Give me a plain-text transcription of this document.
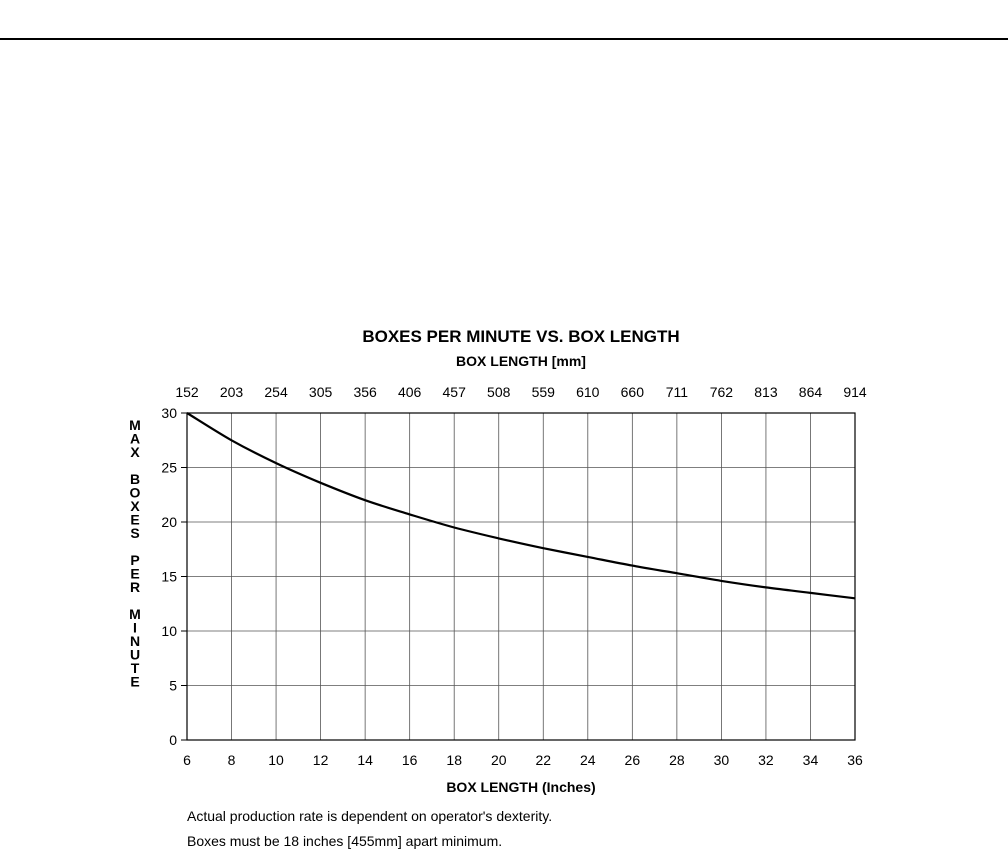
BOXES PER MINUTE VS. BOX LENGTH
BOX LENGTH [mm]
0
5
10
15
20
25
30
6	8 10 12 14 16 18 20 22 24 26 28 30 32 34 36
152 203 254 305 356 406 457 508 559 610 660 711 762 813 864 914
M
A
X
B
O
X
E
S
P
E
R
M
I
N
U
T
E
BOX LENGTH (Inches)
Actual production rate is dependent on operator's dexterity.
Boxes must be 18 inches [455mm] apart minimum.
